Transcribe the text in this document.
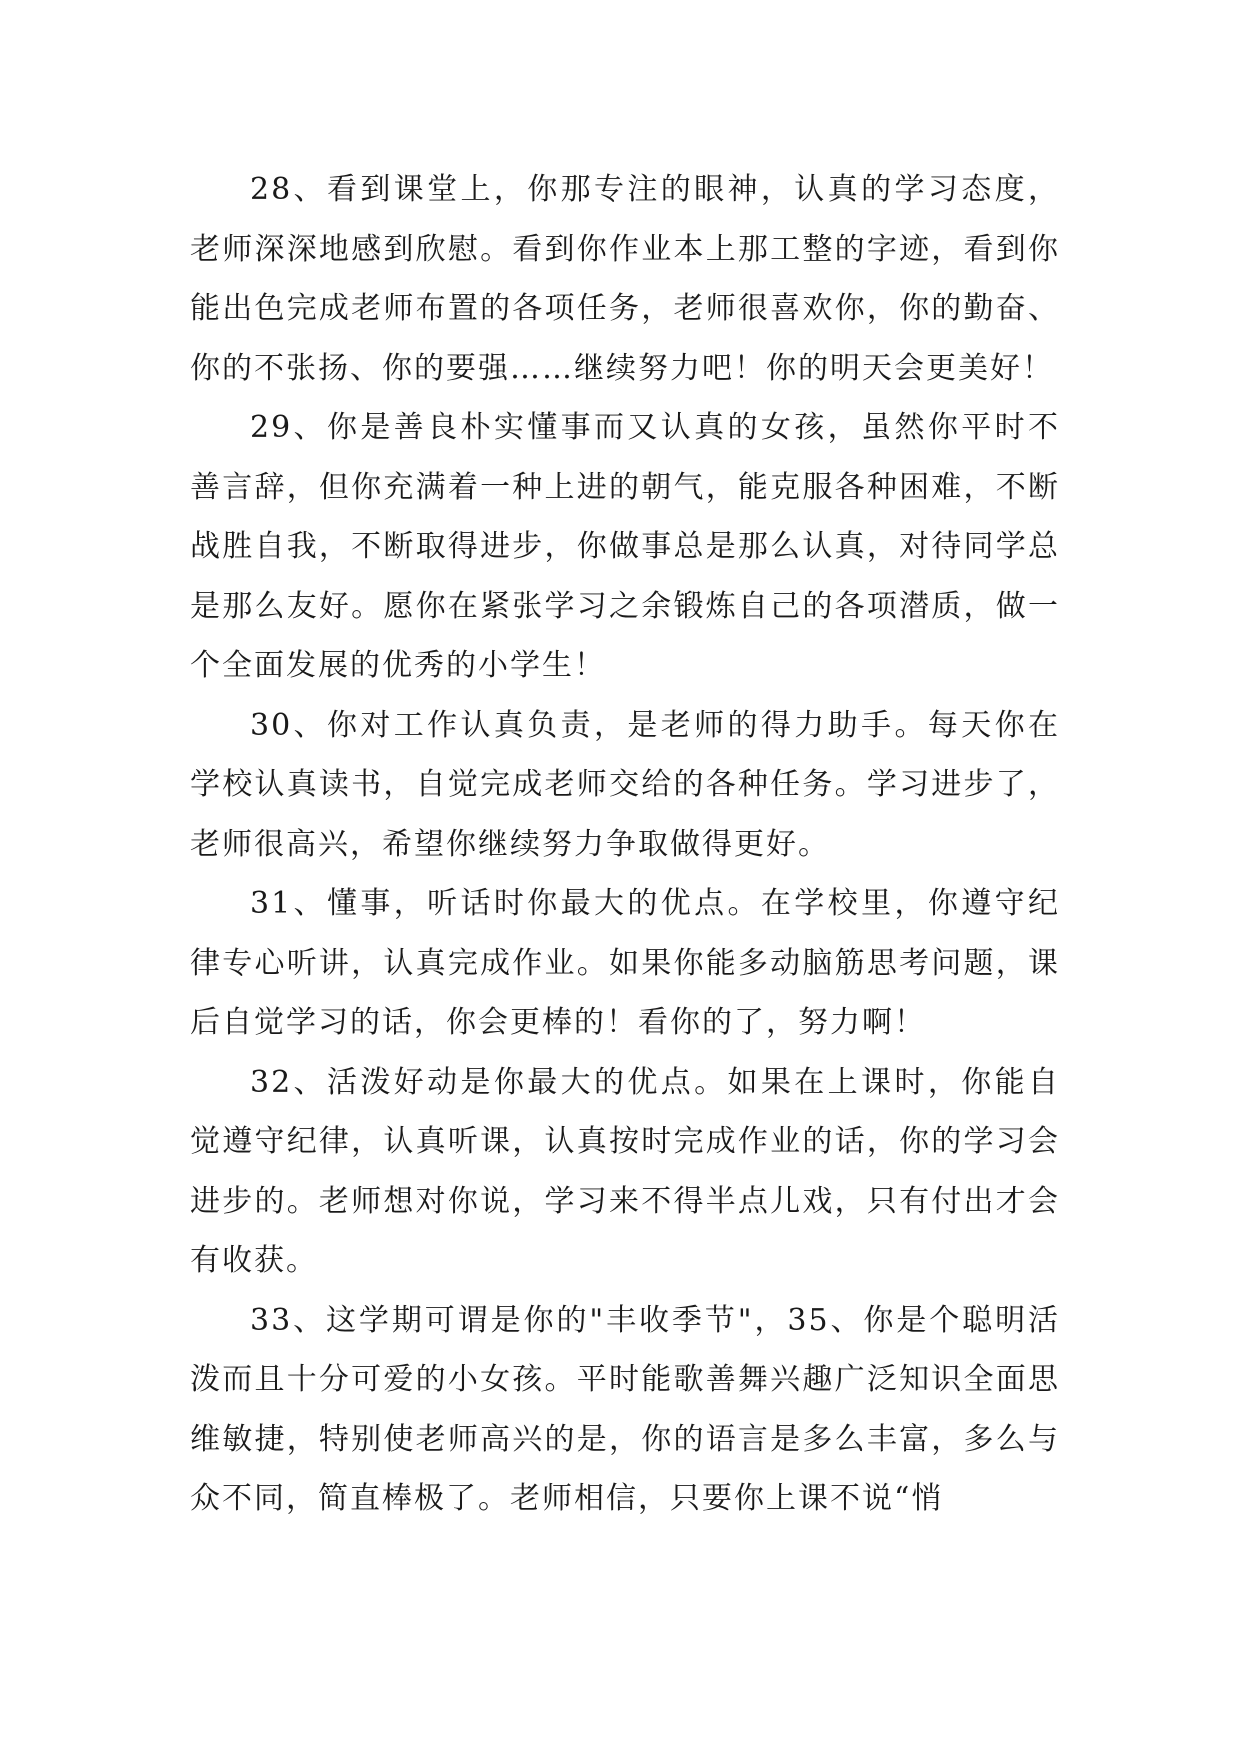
28、看到课堂上，你那专注的眼神，认真的学习态度，老师深深地感到欣慰。看到你作业本上那工整的字迹，看到你能出色完成老师布置的各项任务，老师很喜欢你，你的勤奋、你的不张扬、你的要强……继续努力吧！你的明天会更美好！

29、你是善良朴实懂事而又认真的女孩，虽然你平时不善言辞，但你充满着一种上进的朝气，能克服各种困难，不断战胜自我，不断取得进步，你做事总是那么认真，对待同学总是那么友好。愿你在紧张学习之余锻炼自己的各项潜质，做一个全面发展的优秀的小学生！

30、你对工作认真负责，是老师的得力助手。每天你在学校认真读书，自觉完成老师交给的各种任务。学习进步了，老师很高兴，希望你继续努力争取做得更好。

31、懂事，听话时你最大的优点。在学校里，你遵守纪律专心听讲，认真完成作业。如果你能多动脑筋思考问题，课后自觉学习的话，你会更棒的！看你的了，努力啊！

32、活泼好动是你最大的优点。如果在上课时，你能自觉遵守纪律，认真听课，认真按时完成作业的话，你的学习会进步的。老师想对你说，学习来不得半点儿戏，只有付出才会有收获。

33、这学期可谓是你的"丰收季节"，35、你是个聪明活泼而且十分可爱的小女孩。平时能歌善舞兴趣广泛知识全面思维敏捷，特别使老师高兴的是，你的语言是多么丰富，多么与众不同，简直棒极了。老师相信，只要你上课不说“悄
